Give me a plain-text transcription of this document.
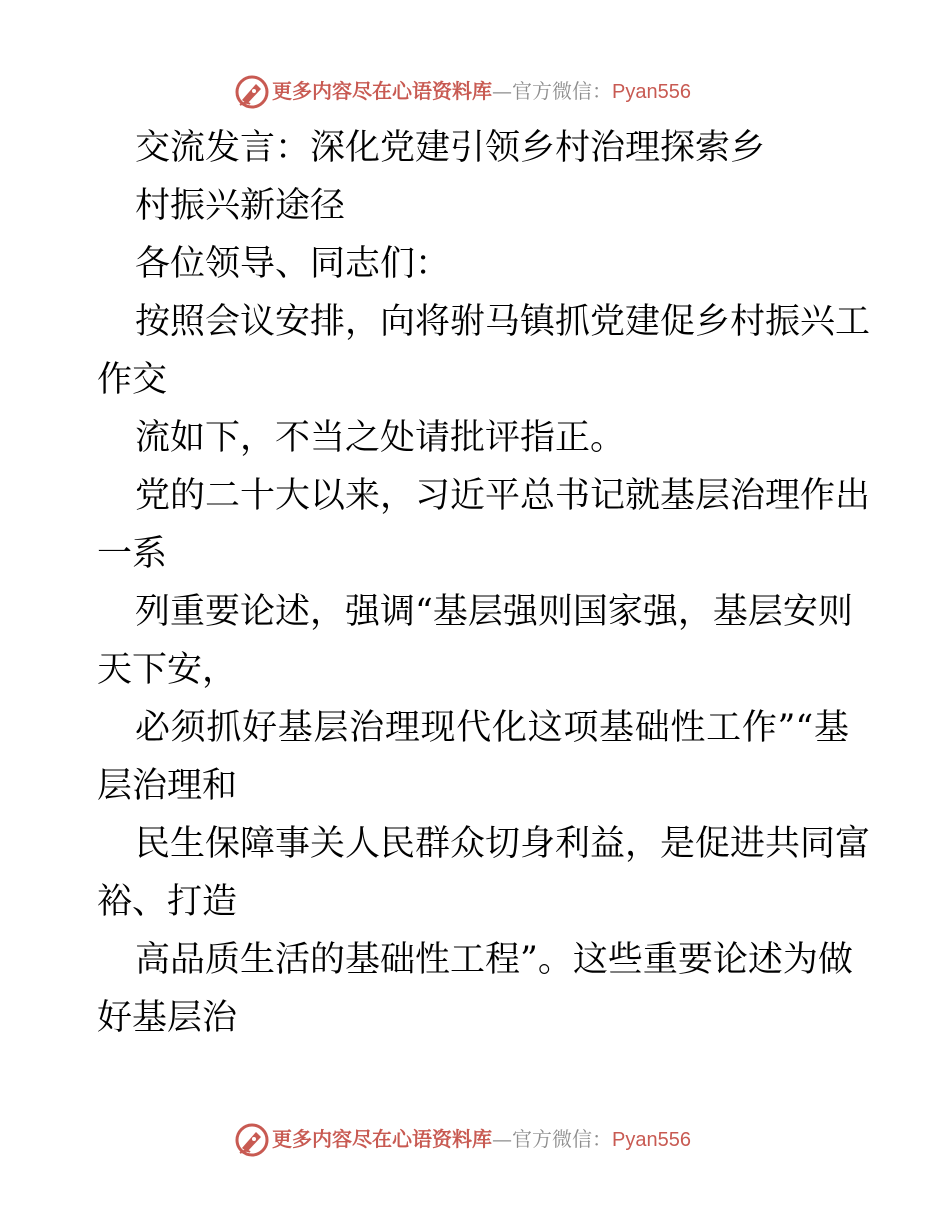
更多内容尽在心语资料库—官方微信：Pyan556
交流发言：深化党建引领乡村治理探索乡
村振兴新途径
各位领导、同志们：
按照会议安排，向将驸马镇抓党建促乡村振兴工
作交
流如下，不当之处请批评指正。
党的二十大以来，习近平总书记就基层治理作出
一系
列重要论述，强调“基层强则国家强，基层安则
天下安，
必须抓好基层治理现代化这项基础性工作”“基
层治理和
民生保障事关人民群众切身利益，是促进共同富
裕、打造
高品质生活的基础性工程”。这些重要论述为做
好基层治
更多内容尽在心语资料库—官方微信：Pyan556
